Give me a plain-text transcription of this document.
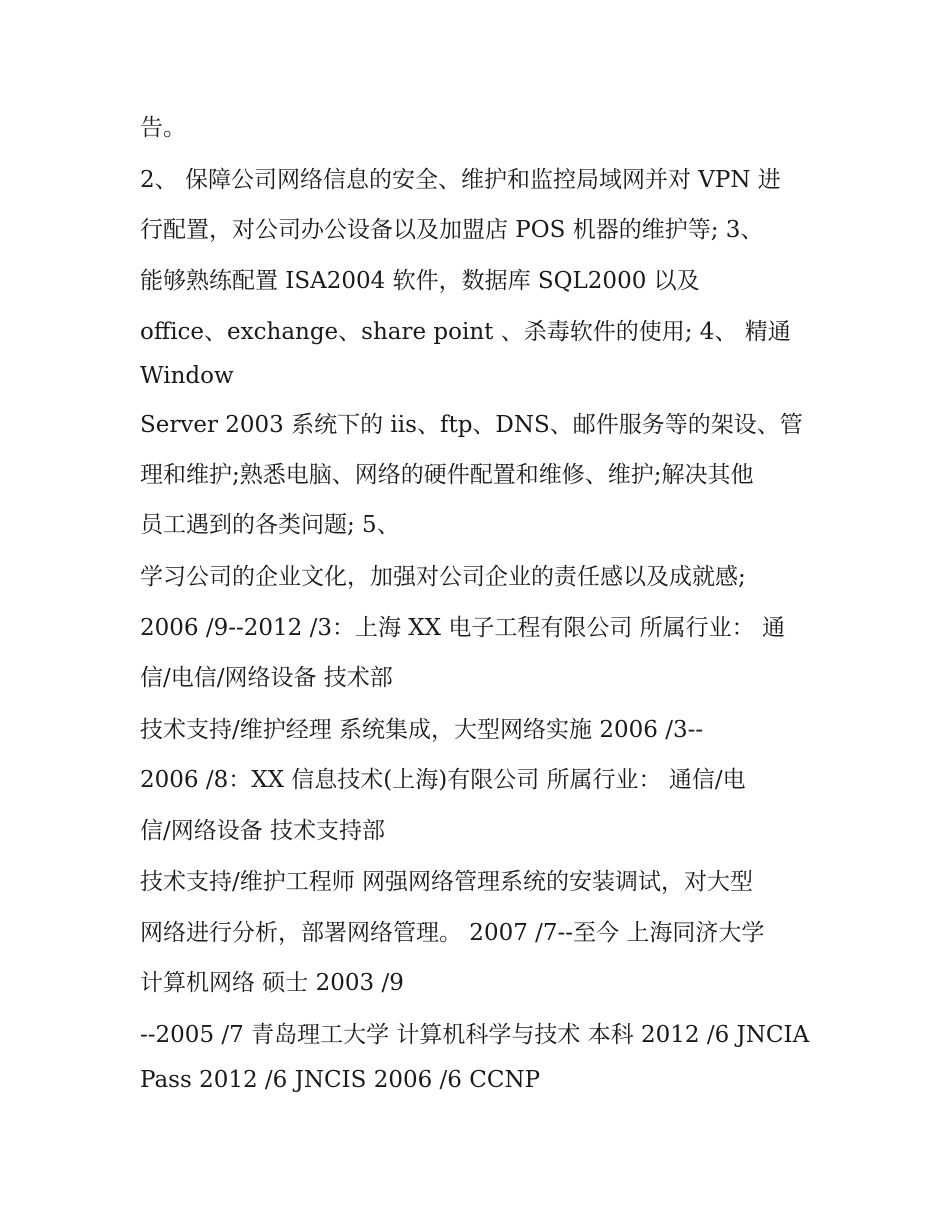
告。

2、 保障公司网络信息的安全、维护和监控局域网并对 VPN 进

行配置，对公司办公设备以及加盟店 POS 机器的维护等; 3、

能够熟练配置 ISA2004 软件，数据库 SQL2000 以及

office、exchange、share point 、杀毒软件的使用; 4、 精通

Window

Server 2003 系统下的 iis、ftp、DNS、邮件服务等的架设、管

理和维护;熟悉电脑、网络的硬件配置和维修、维护;解决其他

员工遇到的各类问题; 5、

学习公司的企业文化，加强对公司企业的责任感以及成就感;

2006 /9--2012 /3：上海 XX 电子工程有限公司 所属行业： 通

信/电信/网络设备 技术部

技术支持/维护经理 系统集成，大型网络实施 2006 /3--

2006 /8：XX 信息技术(上海)有限公司 所属行业： 通信/电

信/网络设备 技术支持部

技术支持/维护工程师 网强网络管理系统的安装调试，对大型

网络进行分析，部署网络管理。 2007 /7--至今 上海同济大学

计算机网络 硕士 2003 /9

--2005 /7 青岛理工大学 计算机科学与技术 本科 2012 /6 JNCIA

Pass 2012 /6 JNCIS 2006 /6 CCNP
